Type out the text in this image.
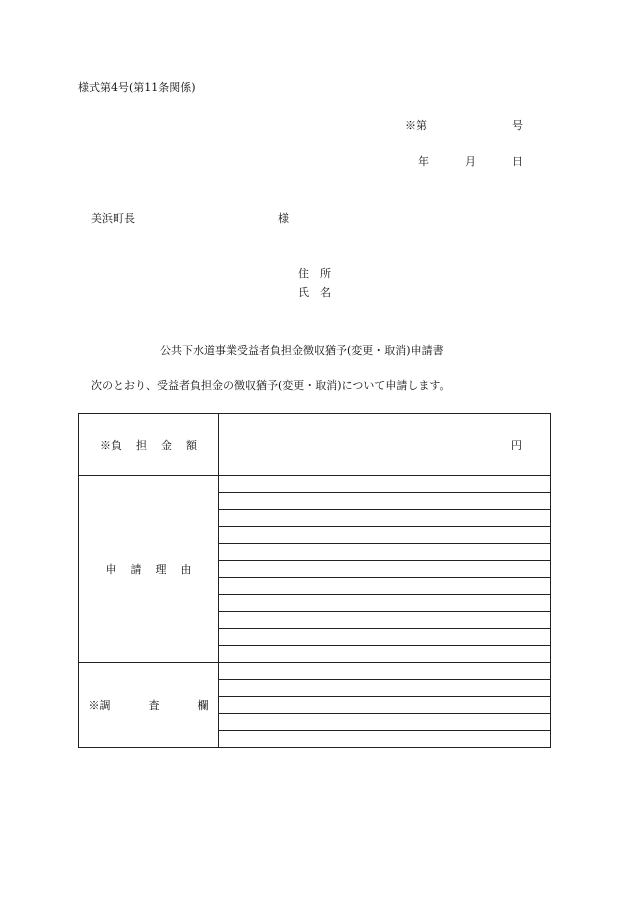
様式第4号(第11条関係)
※第	号
年	月	日
美浜町長	様
住　所
氏　名
公共下水道事業受益者負担金徴収猶予(変更・取消)申請書
次のとおり、受益者負担金の徴収猶予(変更・取消)について申請します。
※負 担 金 額	円

申 請 理 由	

※調 査 欄	
